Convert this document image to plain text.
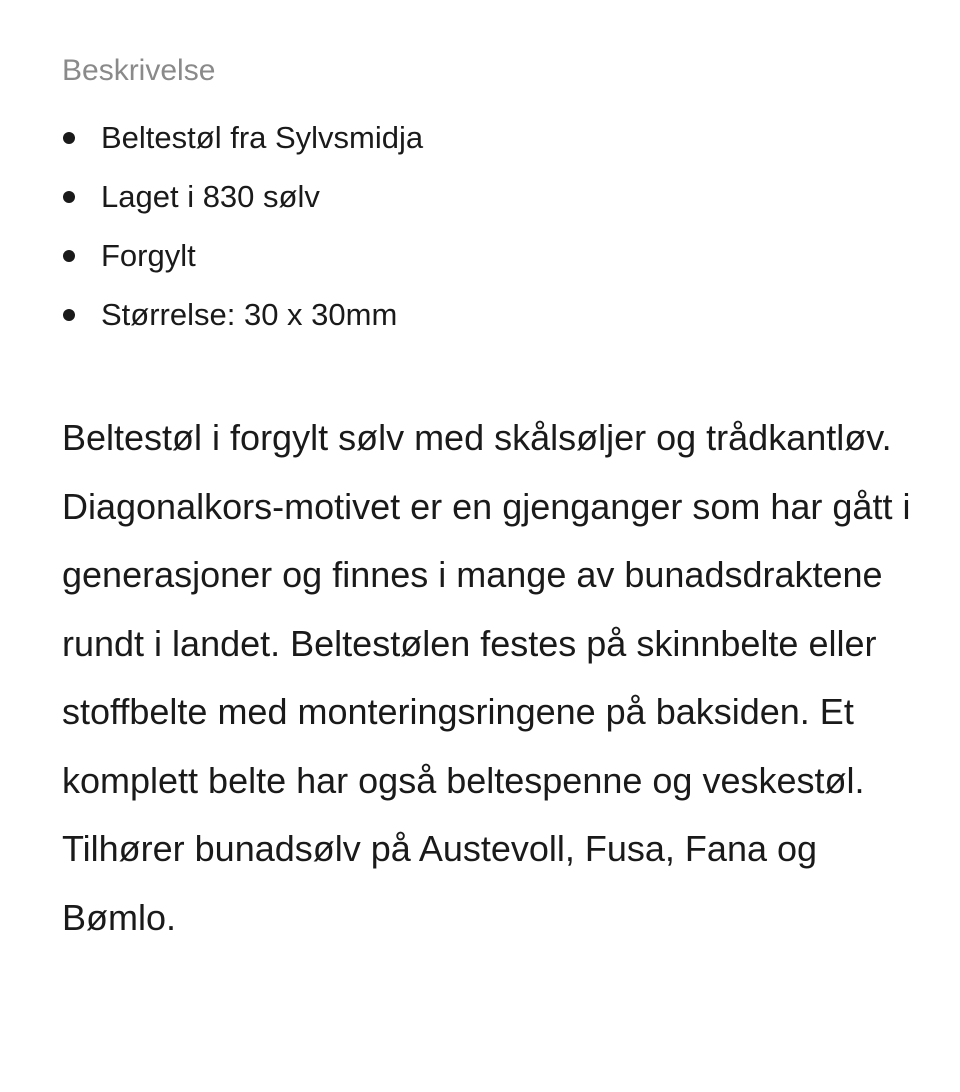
Beskrivelse
Beltestøl fra Sylvsmidja
Laget i 830 sølv
Forgylt
Størrelse: 30 x 30mm

Beltestøl i forgylt sølv med skålsøljer og trådkantløv. Diagonalkors-motivet er en gjenganger som har gått i generasjoner og finnes i mange av bunadsdraktene rundt i landet. Beltestølen festes på skinnbelte eller stoffbelte med monteringsringene på baksiden. Et komplett belte har også beltespenne og veskestøl. Tilhører bunadsølv på Austevoll, Fusa, Fana og Bømlo.
